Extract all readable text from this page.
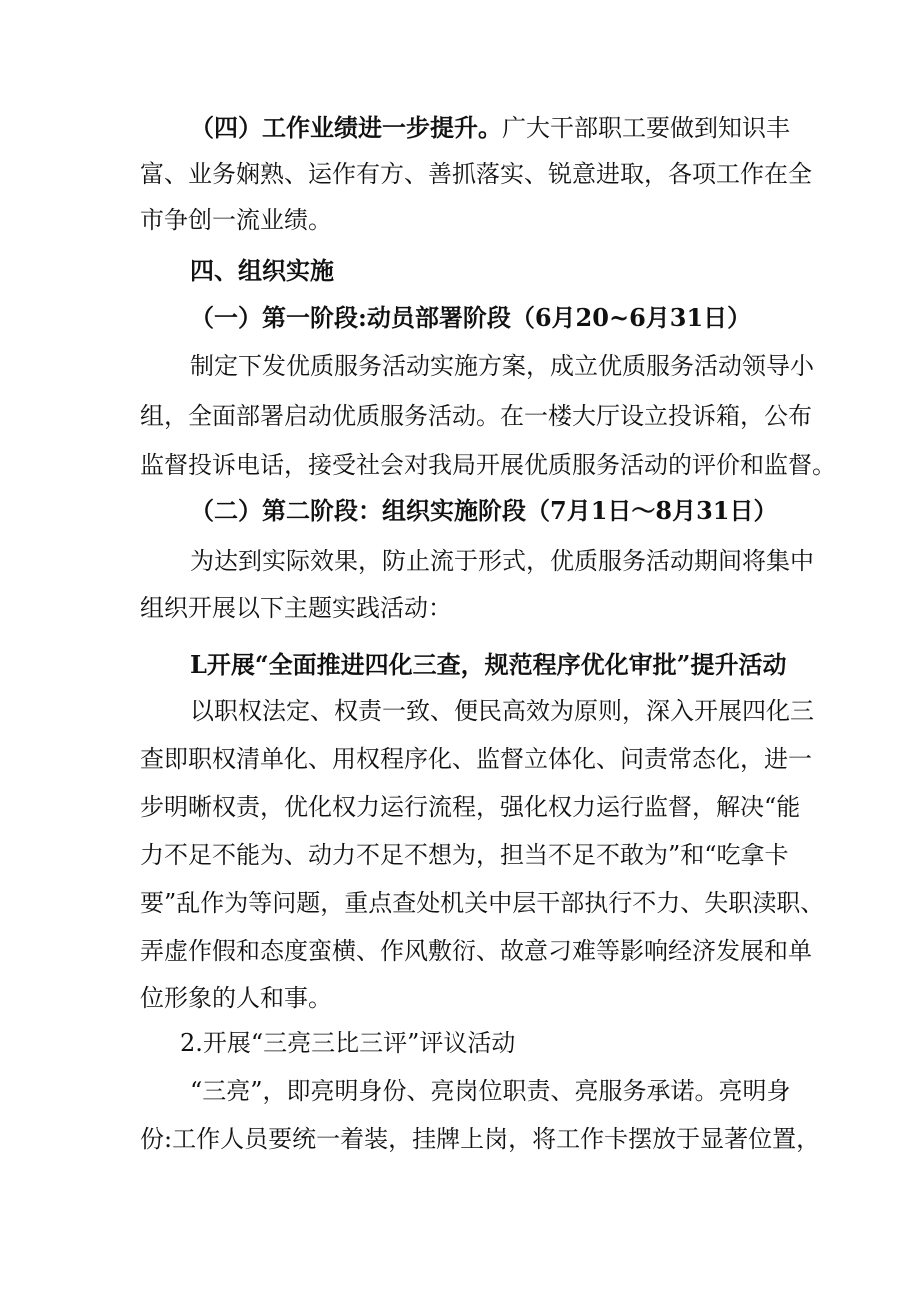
（四）工作业绩进一步提升。广大干部职工要做到知识丰
富、业务娴熟、运作有方、善抓落实、锐意进取，各项工作在全
市争创一流业绩。
四、组织实施
（一）第一阶段:动员部署阶段（6月20~6月31日）
制定下发优质服务活动实施方案，成立优质服务活动领导小
组，全面部署启动优质服务活动。在一楼大厅设立投诉箱，公布
监督投诉电话，接受社会对我局开展优质服务活动的评价和监督。
（二）第二阶段：组织实施阶段（7月1日～8月31日）
为达到实际效果，防止流于形式，优质服务活动期间将集中
组织开展以下主题实践活动：
L开展“全面推进四化三查，规范程序优化审批”提升活动
以职权法定、权责一致、便民高效为原则，深入开展四化三
查即职权清单化、用权程序化、监督立体化、问责常态化，进一
步明晰权责，优化权力运行流程，强化权力运行监督，解决“能
力不足不能为、动力不足不想为，担当不足不敢为”和“吃拿卡
要”乱作为等问题，重点查处机关中层干部执行不力、失职渎职、
弄虚作假和态度蛮横、作风敷衍、故意刁难等影响经济发展和单
位形象的人和事。
2.开展“三亮三比三评”评议活动
“三亮”，即亮明身份、亮岗位职责、亮服务承诺。亮明身
份:工作人员要统一着装，挂牌上岗，将工作卡摆放于显著位置，
